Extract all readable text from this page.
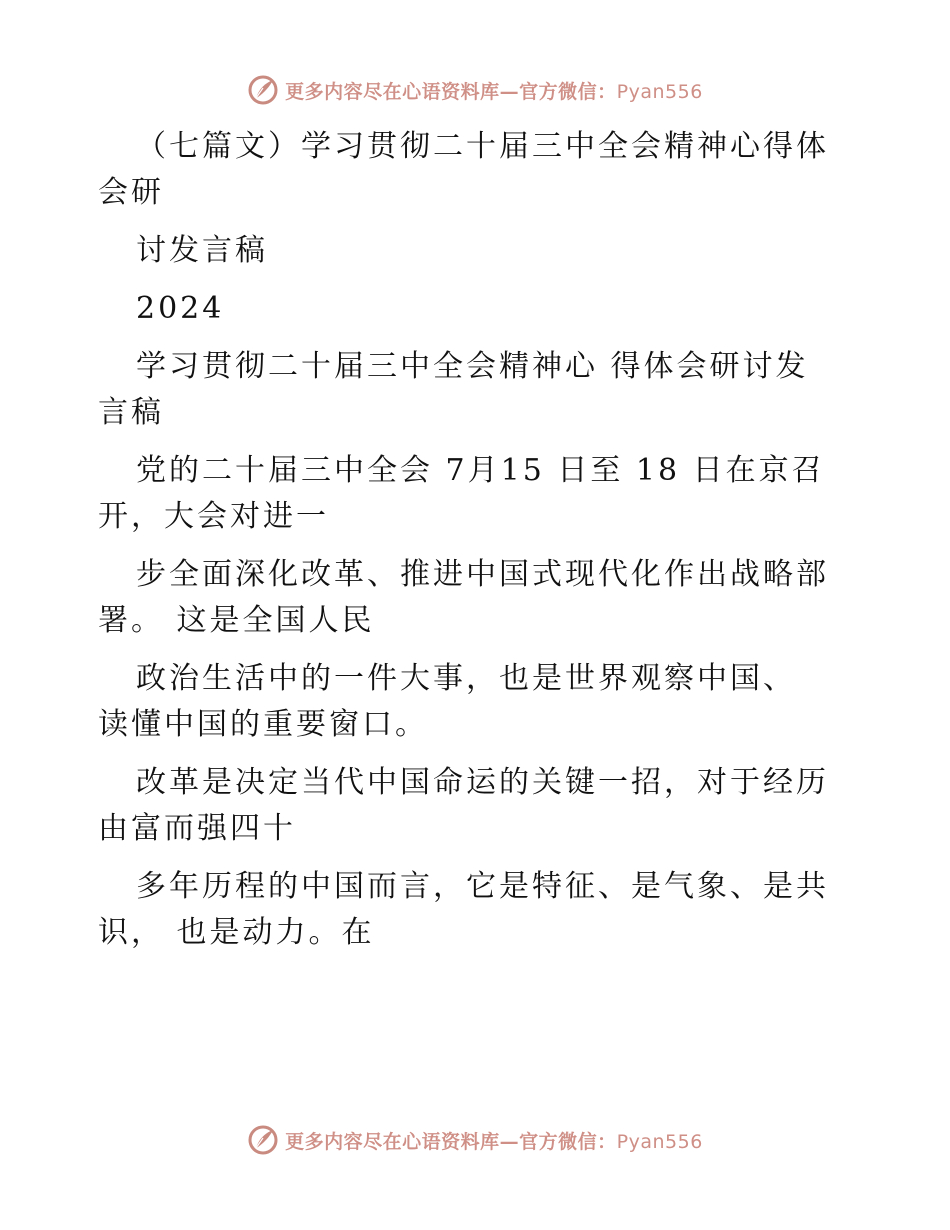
更多内容尽在心语资料库—官方微信：Pyan556
（七篇文）学习贯彻二十届三中全会精神心得体
会研
讨发言稿
2024
学习贯彻二十届三中全会精神心 得体会研讨发
言稿
党的二十届三中全会 7月15 日至 18 日在京召
开，大会对进一
步全面深化改革、推进中国式现代化作出战略部
署。 这是全国人民
政治生活中的一件大事，也是世界观察中国、
读懂中国的重要窗口。
改革是决定当代中国命运的关键一招，对于经历
由富而强四十
多年历程的中国而言，它是特征、是气象、是共
识， 也是动力。在
更多内容尽在心语资料库—官方微信：Pyan556
